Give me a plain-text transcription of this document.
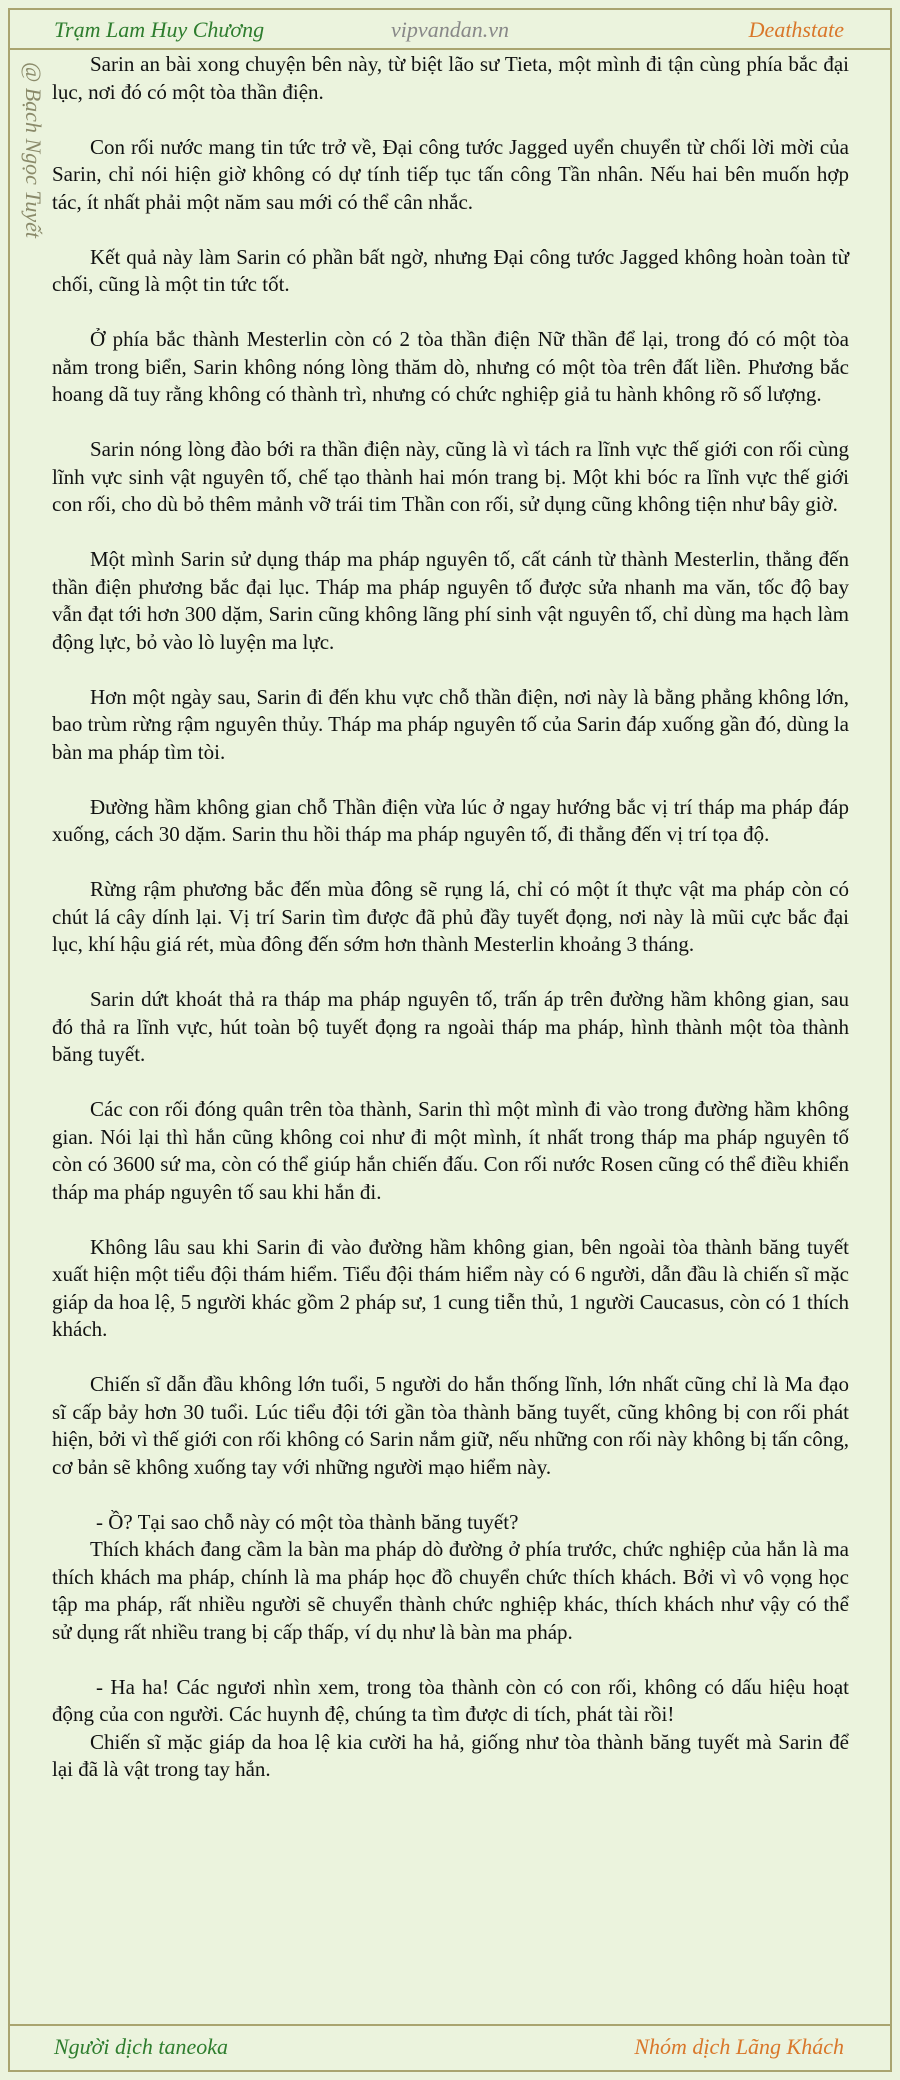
Trạm Lam Huy Chương	vipvandan.vn	Deathstate
@ Bạch Ngọc Tuyết	Sarin an bài xong chuyện bên này, từ biệt lão sư Tieta, một mình đi tận cùng phía bắc đại lục, nơi đó có một tòa thần điện.

Con rối nước mang tin tức trở về, Đại công tước Jagged uyển chuyển từ chối lời mời của Sarin, chỉ nói hiện giờ không có dự tính tiếp tục tấn công Tần nhân. Nếu hai bên muốn hợp tác, ít nhất phải một năm sau mới có thể cân nhắc.

Kết quả này làm Sarin có phần bất ngờ, nhưng Đại công tước Jagged không hoàn toàn từ chối, cũng là một tin tức tốt.

Ở phía bắc thành Mesterlin còn có 2 tòa thần điện Nữ thần để lại, trong đó có một tòa nằm trong biển, Sarin không nóng lòng thăm dò, nhưng có một tòa trên đất liền. Phương bắc hoang dã tuy rằng không có thành trì, nhưng có chức nghiệp giả tu hành không rõ số lượng.

Sarin nóng lòng đào bới ra thần điện này, cũng là vì tách ra lĩnh vực thế giới con rối cùng lĩnh vực sinh vật nguyên tố, chế tạo thành hai món trang bị. Một khi bóc ra lĩnh vực thế giới con rối, cho dù bỏ thêm mảnh vỡ trái tim Thần con rối, sử dụng cũng không tiện như bây giờ.

Một mình Sarin sử dụng tháp ma pháp nguyên tố, cất cánh từ thành Mesterlin, thẳng đến thần điện phương bắc đại lục. Tháp ma pháp nguyên tố được sửa nhanh ma văn, tốc độ bay vẫn đạt tới hơn 300 dặm, Sarin cũng không lãng phí sinh vật nguyên tố, chỉ dùng ma hạch làm động lực, bỏ vào lò luyện ma lực.

Hơn một ngày sau, Sarin đi đến khu vực chỗ thần điện, nơi này là bằng phẳng không lớn, bao trùm rừng rậm nguyên thủy. Tháp ma pháp nguyên tố của Sarin đáp xuống gần đó, dùng la bàn ma pháp tìm tòi.

Đường hầm không gian chỗ Thần điện vừa lúc ở ngay hướng bắc vị trí tháp ma pháp đáp xuống, cách 30 dặm. Sarin thu hồi tháp ma pháp nguyên tố, đi thẳng đến vị trí tọa độ.

Rừng rậm phương bắc đến mùa đông sẽ rụng lá, chỉ có một ít thực vật ma pháp còn có chút lá cây dính lại. Vị trí Sarin tìm được đã phủ đầy tuyết đọng, nơi này là mũi cực bắc đại lục, khí hậu giá rét, mùa đông đến sớm hơn thành Mesterlin khoảng 3 tháng.

Sarin dứt khoát thả ra tháp ma pháp nguyên tố, trấn áp trên đường hầm không gian, sau đó thả ra lĩnh vực, hút toàn bộ tuyết đọng ra ngoài tháp ma pháp, hình thành một tòa thành băng tuyết.

Các con rối đóng quân trên tòa thành, Sarin thì một mình đi vào trong đường hầm không gian. Nói lại thì hắn cũng không coi như đi một mình, ít nhất trong tháp ma pháp nguyên tố còn có 3600 sứ ma, còn có thể giúp hắn chiến đấu. Con rối nước Rosen cũng có thể điều khiển tháp ma pháp nguyên tố sau khi hắn đi.

Không lâu sau khi Sarin đi vào đường hầm không gian, bên ngoài tòa thành băng tuyết xuất hiện một tiểu đội thám hiểm. Tiểu đội thám hiểm này có 6 người, dẫn đầu là chiến sĩ mặc giáp da hoa lệ, 5 người khác gồm 2 pháp sư, 1 cung tiễn thủ, 1 người Caucasus, còn có 1 thích khách.

Chiến sĩ dẫn đầu không lớn tuổi, 5 người do hắn thống lĩnh, lớn nhất cũng chỉ là Ma đạo sĩ cấp bảy hơn 30 tuổi. Lúc tiểu đội tới gần tòa thành băng tuyết, cũng không bị con rối phát hiện, bởi vì thế giới con rối không có Sarin nắm giữ, nếu những con rối này không bị tấn công, cơ bản sẽ không xuống tay với những người mạo hiểm này.

- Ồ? Tại sao chỗ này có một tòa thành băng tuyết?

Thích khách đang cầm la bàn ma pháp dò đường ở phía trước, chức nghiệp của hắn là ma thích khách ma pháp, chính là ma pháp học đồ chuyển chức thích khách. Bởi vì vô vọng học tập ma pháp, rất nhiều người sẽ chuyển thành chức nghiệp khác, thích khách như vậy có thể sử dụng rất nhiều trang bị cấp thấp, ví dụ như là bàn ma pháp.

- Ha ha! Các ngươi nhìn xem, trong tòa thành còn có con rối, không có dấu hiệu hoạt động của con người. Các huynh đệ, chúng ta tìm được di tích, phát tài rồi!

Chiến sĩ mặc giáp da hoa lệ kia cười ha hả, giống như tòa thành băng tuyết mà Sarin để lại đã là vật trong tay hắn.

Người dịch taneoka	Nhóm dịch Lãng Khách
